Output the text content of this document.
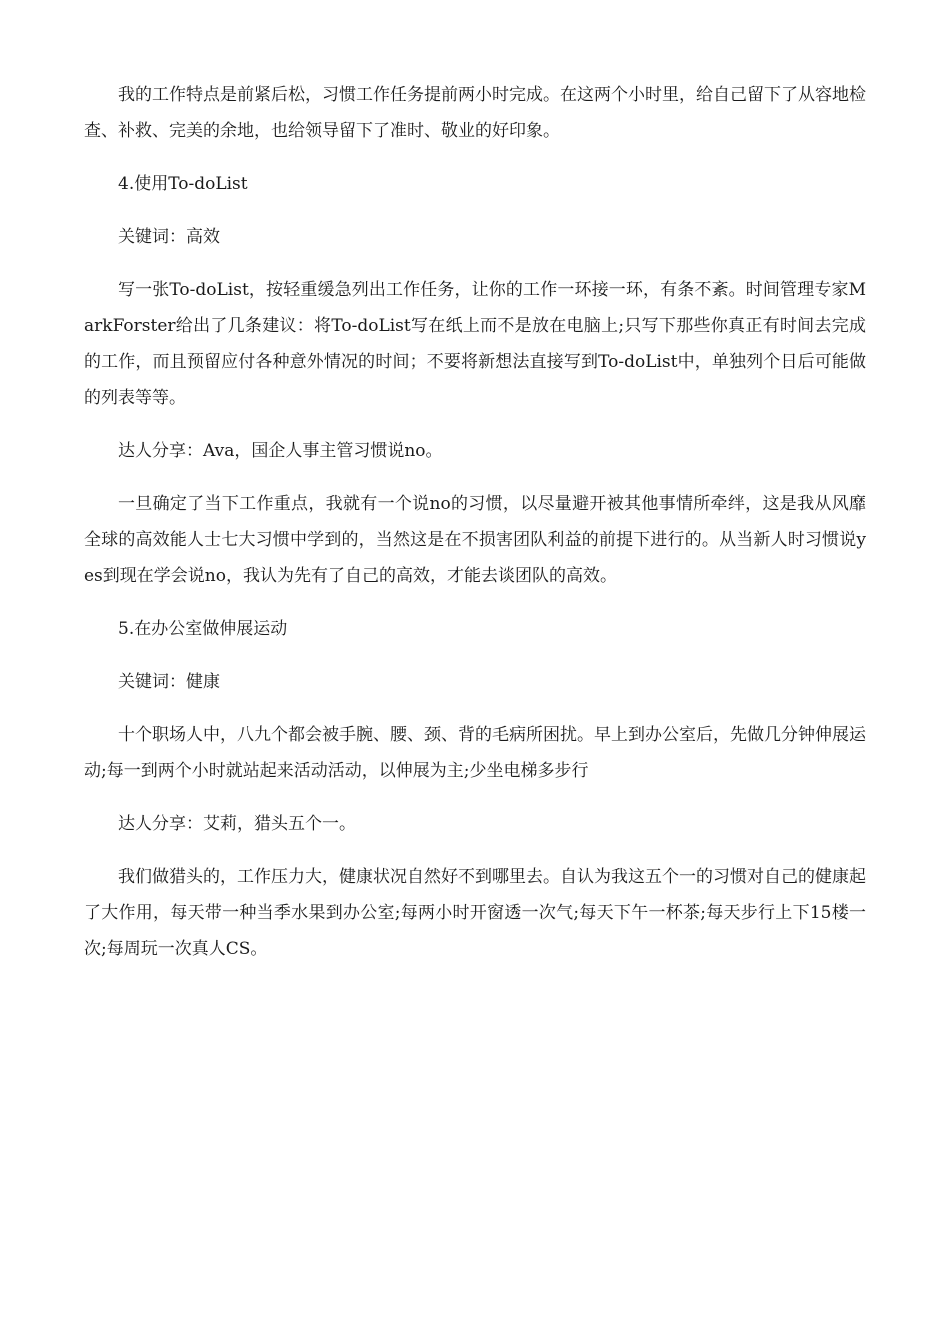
我的工作特点是前紧后松，习惯工作任务提前两小时完成。在这两个小时里，给自己留下了从容地检查、补救、完美的余地，也给领导留下了准时、敬业的好印象。

4.使用To-doList

关键词：高效

写一张To-doList，按轻重缓急列出工作任务，让你的工作一环接一环，有条不紊。时间管理专家MarkForster给出了几条建议：将To-doList写在纸上而不是放在电脑上;只写下那些你真正有时间去完成的工作，而且预留应付各种意外情况的时间；不要将新想法直接写到To-doList中，单独列个日后可能做的列表等等。

达人分享：Ava，国企人事主管习惯说no。

一旦确定了当下工作重点，我就有一个说no的习惯，以尽量避开被其他事情所牵绊，这是我从风靡全球的高效能人士七大习惯中学到的，当然这是在不损害团队利益的前提下进行的。从当新人时习惯说yes到现在学会说no，我认为先有了自己的高效，才能去谈团队的高效。

5.在办公室做伸展运动

关键词：健康

十个职场人中，八九个都会被手腕、腰、颈、背的毛病所困扰。早上到办公室后，先做几分钟伸展运动;每一到两个小时就站起来活动活动，以伸展为主;少坐电梯多步行

达人分享：艾莉，猎头五个一。

我们做猎头的，工作压力大，健康状况自然好不到哪里去。自认为我这五个一的习惯对自己的健康起了大作用，每天带一种当季水果到办公室;每两小时开窗透一次气;每天下午一杯茶;每天步行上下15楼一次;每周玩一次真人CS。
